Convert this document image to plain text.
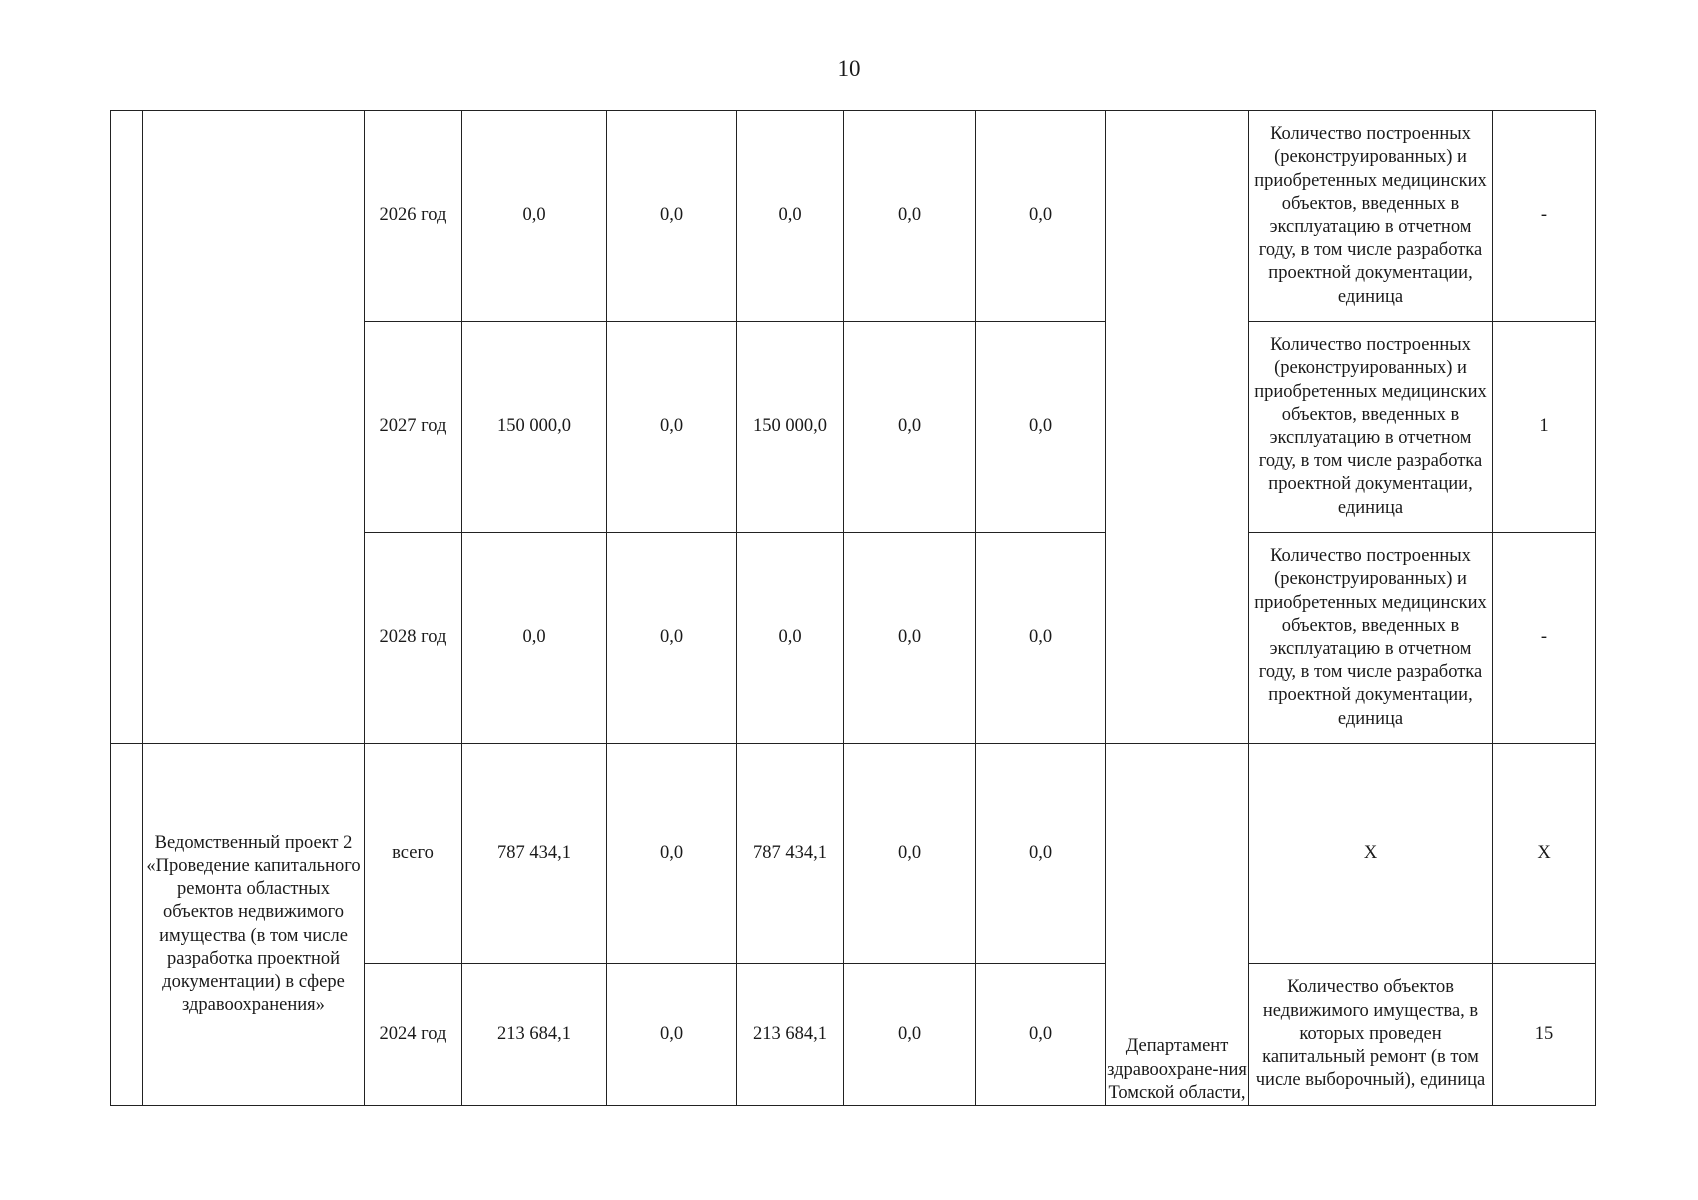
10
		2026 год	0,0	0,0	0,0	0,0	0,0		Количество построенных (реконструированных) и приобретенных медицинских объектов, введенных в эксплуатацию в отчетном году, в том числе разработка проектной документации, единица	-
		2027 год	150 000,0	0,0	150 000,0	0,0	0,0		Количество построенных (реконструированных) и приобретенных медицинских объектов, введенных в эксплуатацию в отчетном году, в том числе разработка проектной документации, единица	1
		2028 год	0,0	0,0	0,0	0,0	0,0		Количество построенных (реконструированных) и приобретенных медицинских объектов, введенных в эксплуатацию в отчетном году, в том числе разработка проектной документации, единица	-
	Ведомственный проект 2 «Проведение капитального ремонта областных объектов недвижимого имущества (в том числе разработка проектной документации) в сфере здравоохранения»	всего	787 434,1	0,0	787 434,1	0,0	0,0		X	X
		2024 год	213 684,1	0,0	213 684,1	0,0	0,0	Департамент здравоохране-ния Томской области,	Количество объектов недвижимого имущества, в которых проведен капитальный ремонт (в том числе выборочный), единица	15
